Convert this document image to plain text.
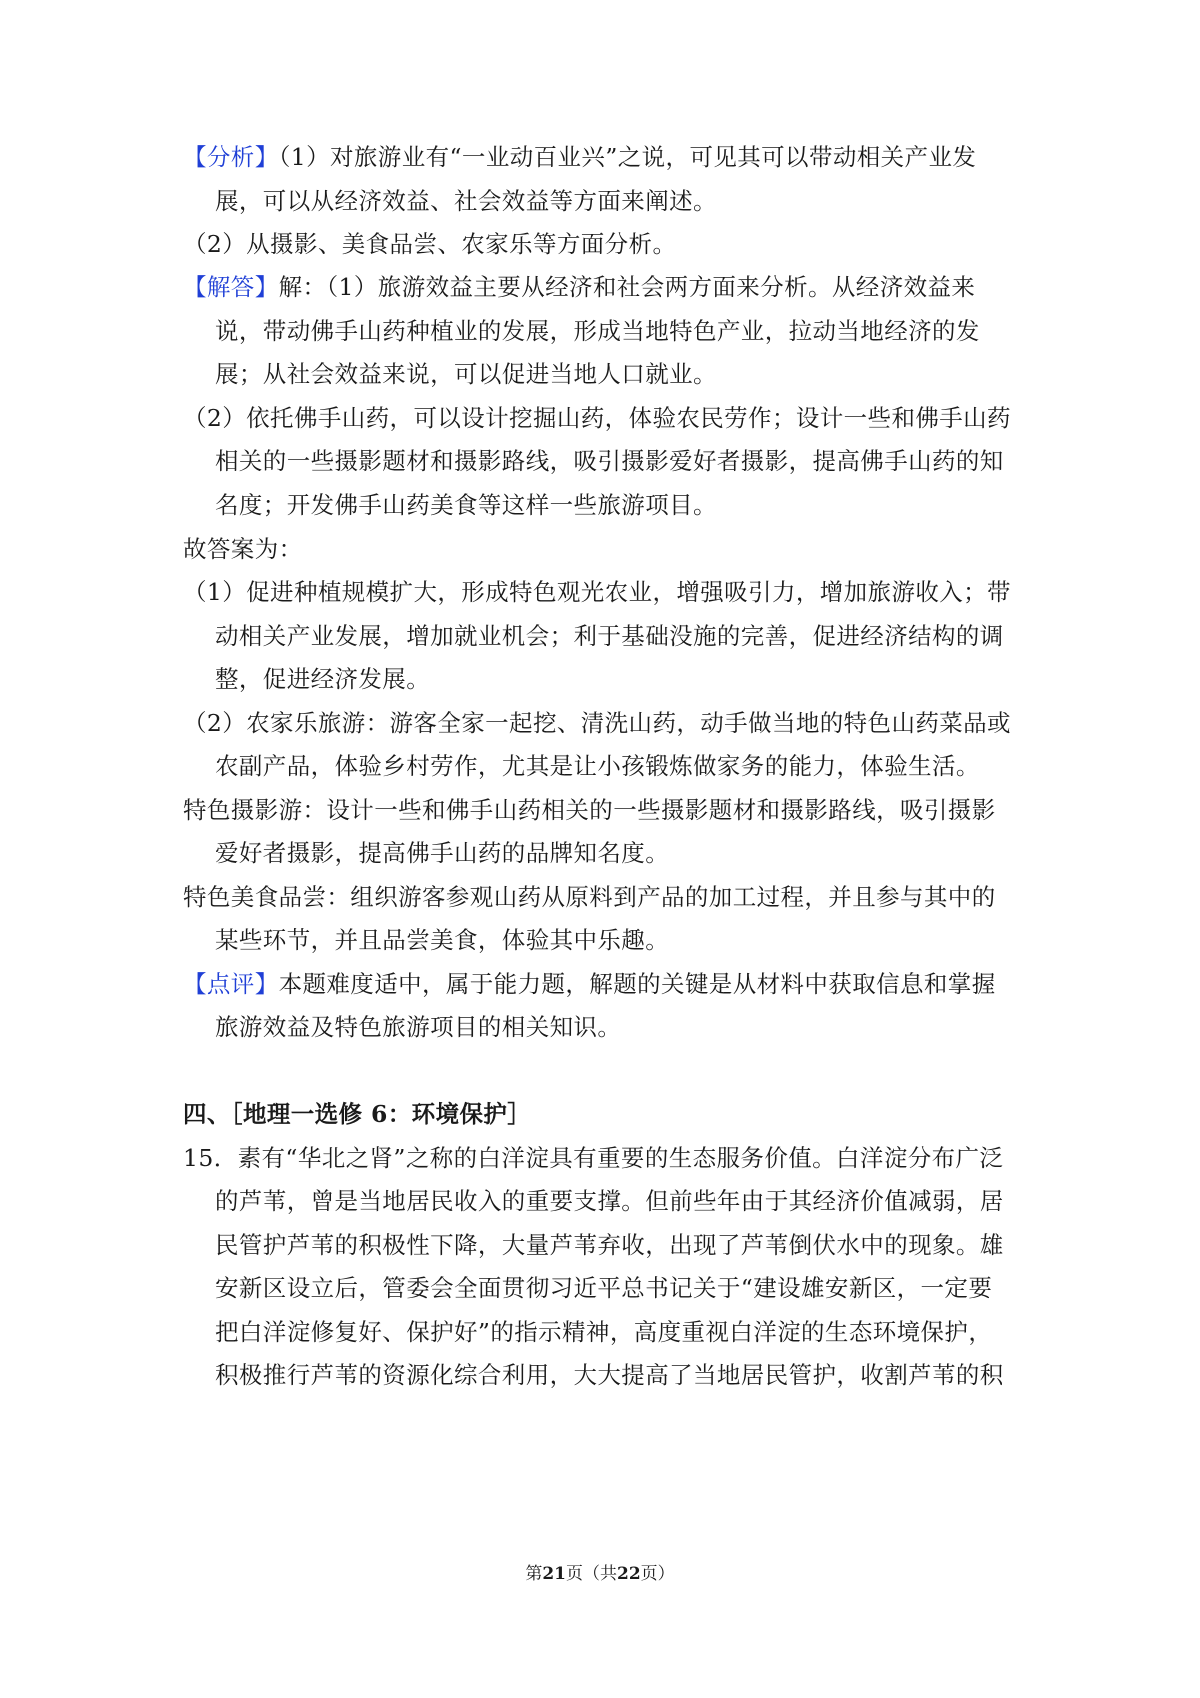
【分析】（1）对旅游业有“一业动百业兴”之说，可见其可以带动相关产业发
展，可以从经济效益、社会效益等方面来阐述。
（2）从摄影、美食品尝、农家乐等方面分析。
【解答】解：（1）旅游效益主要从经济和社会两方面来分析。从经济效益来
说，带动佛手山药种植业的发展，形成当地特色产业，拉动当地经济的发
展；从社会效益来说，可以促进当地人口就业。
（2）依托佛手山药，可以设计挖掘山药，体验农民劳作；设计一些和佛手山药
相关的一些摄影题材和摄影路线，吸引摄影爱好者摄影，提高佛手山药的知
名度；开发佛手山药美食等这样一些旅游项目。
故答案为：
（1）促进种植规模扩大，形成特色观光农业，增强吸引力，增加旅游收入；带
动相关产业发展，增加就业机会；利于基础没施的完善，促进经济结构的调
整，促进经济发展。
（2）农家乐旅游：游客全家一起挖、清洗山药，动手做当地的特色山药菜品或
农副产品，体验乡村劳作，尤其是让小孩锻炼做家务的能力，体验生活。
特色摄影游：设计一些和佛手山药相关的一些摄影题材和摄影路线，吸引摄影
爱好者摄影，提高佛手山药的品牌知名度。
特色美食品尝：组织游客参观山药从原料到产品的加工过程，并且参与其中的
某些环节，并且品尝美食，体验其中乐趣。
【点评】本题难度适中，属于能力题，解题的关键是从材料中获取信息和掌握
旅游效益及特色旅游项目的相关知识。
四、［地理一选修 6：环境保护］
15．素有“华北之肾”之称的白洋淀具有重要的生态服务价值。白洋淀分布广泛
的芦苇，曾是当地居民收入的重要支撑。但前些年由于其经济价值减弱，居
民管护芦苇的积极性下降，大量芦苇弃收，出现了芦苇倒伏水中的现象。雄
安新区设立后，管委会全面贯彻习近平总书记关于“建设雄安新区，一定要
把白洋淀修复好、保护好”的指示精神，高度重视白洋淀的生态环境保护，
积极推行芦苇的资源化综合利用，大大提高了当地居民管护，收割芦苇的积
第21页（共22页）
